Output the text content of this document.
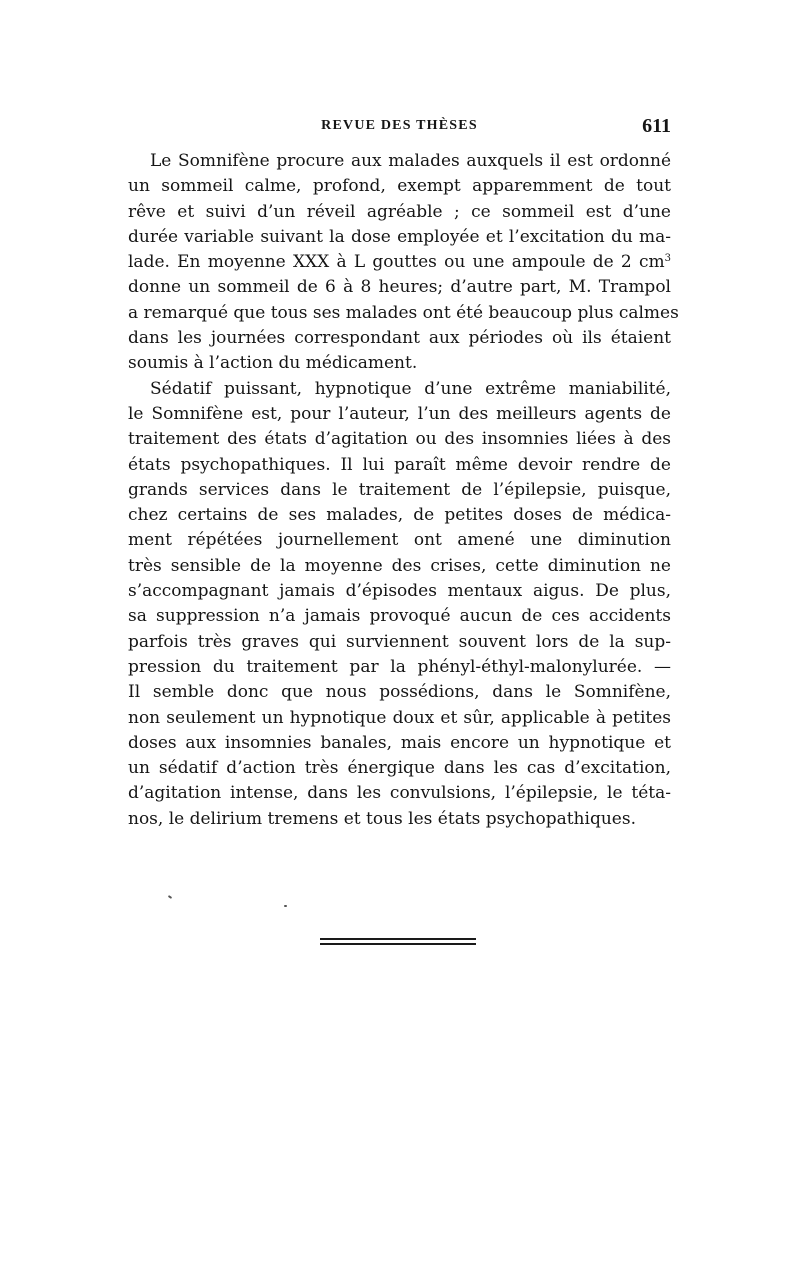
REVUE DES THÈSES	611
Le Somnifène procure aux malades auxquels il est ordonné
un sommeil calme, profond, exempt apparemment de tout
rêve et suivi d’un réveil agréable ; ce sommeil est d’une
durée variable suivant la dose employée et l’excitation du ma-
lade. En moyenne XXX à L gouttes ou une ampoule de 2 $cm^3$
donne un sommeil de 6 à 8 heures; d’autre part, M. Trampol
a remarqué que tous ses malades ont été beaucoup plus calmes
dans les journées correspondant aux périodes où ils étaient
soumis à l’action du médicament.
Sédatif puissant, hypnotique d’une extrême maniabilité,
le Somnifène est, pour l’auteur, l’un des meilleurs agents de
traitement des états d’agitation ou des insomnies liées à des
états psychopathiques. Il lui paraît même devoir rendre de
grands services dans le traitement de l’épilepsie, puisque,
chez certains de ses malades, de petites doses de médica-
ment répétées journellement ont amené une diminution
très sensible de la moyenne des crises, cette diminution ne
s’accompagnant jamais d’épisodes mentaux aigus. De plus,
sa suppression n’a jamais provoqué aucun de ces accidents
parfois très graves qui surviennent souvent lors de la sup-
pression du traitement par la phényl-éthyl-malonylurée. —
Il semble donc que nous possédions, dans le Somnifène,
non seulement un hypnotique doux et sûr, applicable à petites
doses aux insomnies banales, mais encore un hypnotique et
un sédatif d’action très énergique dans les cas d’excitation,
d’agitation intense, dans les convulsions, l’épilepsie, le téta-
nos, le delirium tremens et tous les états psychopathiques.
